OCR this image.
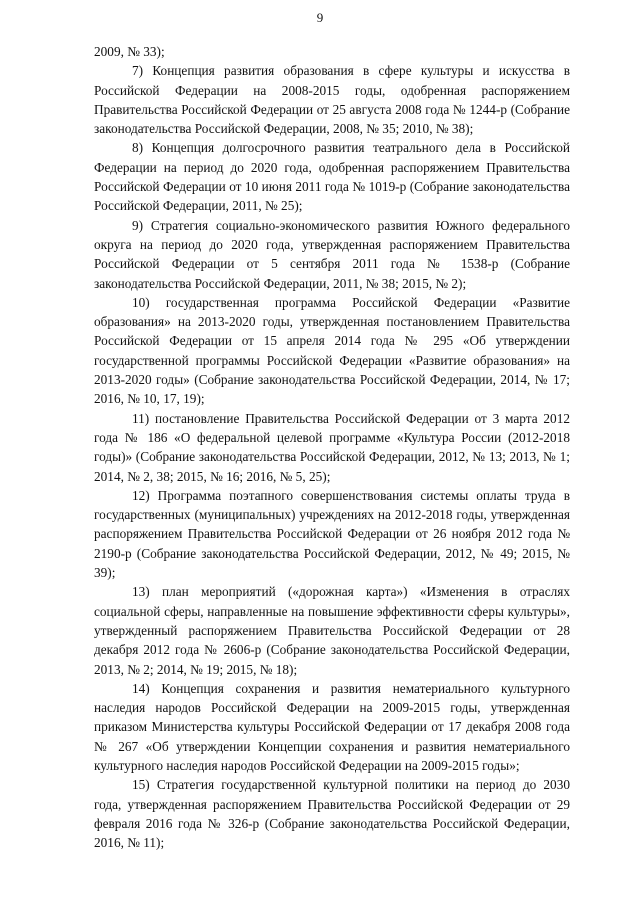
9

2009, № 33);

7) Концепция развития образования в сфере культуры и искусства в Российской Федерации на 2008-2015 годы, одобренная распоряжением Правительства Российской Федерации от 25 августа 2008 года № 1244-р (Собрание законодательства Российской Федерации, 2008, № 35; 2010, № 38);

8) Концепция долгосрочного развития театрального дела в Российской Федерации на период до 2020 года, одобренная распоряжением Правительства Российской Федерации от 10 июня 2011 года № 1019-р (Собрание законодательства Российской Федерации, 2011, № 25);

9) Стратегия социально-экономического развития Южного федерального округа на период до 2020 года, утвержденная распоряжением Правительства Российской Федерации от 5 сентября 2011 года № 1538-р (Собрание законодательства Российской Федерации, 2011, № 38; 2015, № 2);

10) государственная программа Российской Федерации «Развитие образования» на 2013-2020 годы, утвержденная постановлением Правительства Российской Федерации от 15 апреля 2014 года № 295 «Об утверждении государственной программы Российской Федерации «Развитие образования» на 2013-2020 годы» (Собрание законодательства Российской Федерации, 2014, № 17; 2016, № 10, 17, 19);

11) постановление Правительства Российской Федерации от 3 марта 2012 года № 186 «О федеральной целевой программе «Культура России (2012-2018 годы)» (Собрание законодательства Российской Федерации, 2012, № 13; 2013, № 1; 2014, № 2, 38; 2015, № 16; 2016, № 5, 25);

12) Программа поэтапного совершенствования системы оплаты труда в государственных (муниципальных) учреждениях на 2012-2018 годы, утвержденная распоряжением Правительства Российской Федерации от 26 ноября 2012 года № 2190-р (Собрание законодательства Российской Федерации, 2012, № 49; 2015, № 39);

13) план мероприятий («дорожная карта») «Изменения в отраслях социальной сферы, направленные на повышение эффективности сферы культуры», утвержденный распоряжением Правительства Российской Федерации от 28 декабря 2012 года № 2606-р (Собрание законодательства Российской Федерации, 2013, № 2; 2014, № 19; 2015, № 18);

14) Концепция сохранения и развития нематериального культурного наследия народов Российской Федерации на 2009-2015 годы, утвержденная приказом Министерства культуры Российской Федерации от 17 декабря 2008 года № 267 «Об утверждении Концепции сохранения и развития нематериального культурного наследия народов Российской Федерации на 2009-2015 годы»;

15) Стратегия государственной культурной политики на период до 2030 года, утвержденная распоряжением Правительства Российской Федерации от 29 февраля 2016 года № 326-р (Собрание законодательства Российской Федерации, 2016, № 11);
